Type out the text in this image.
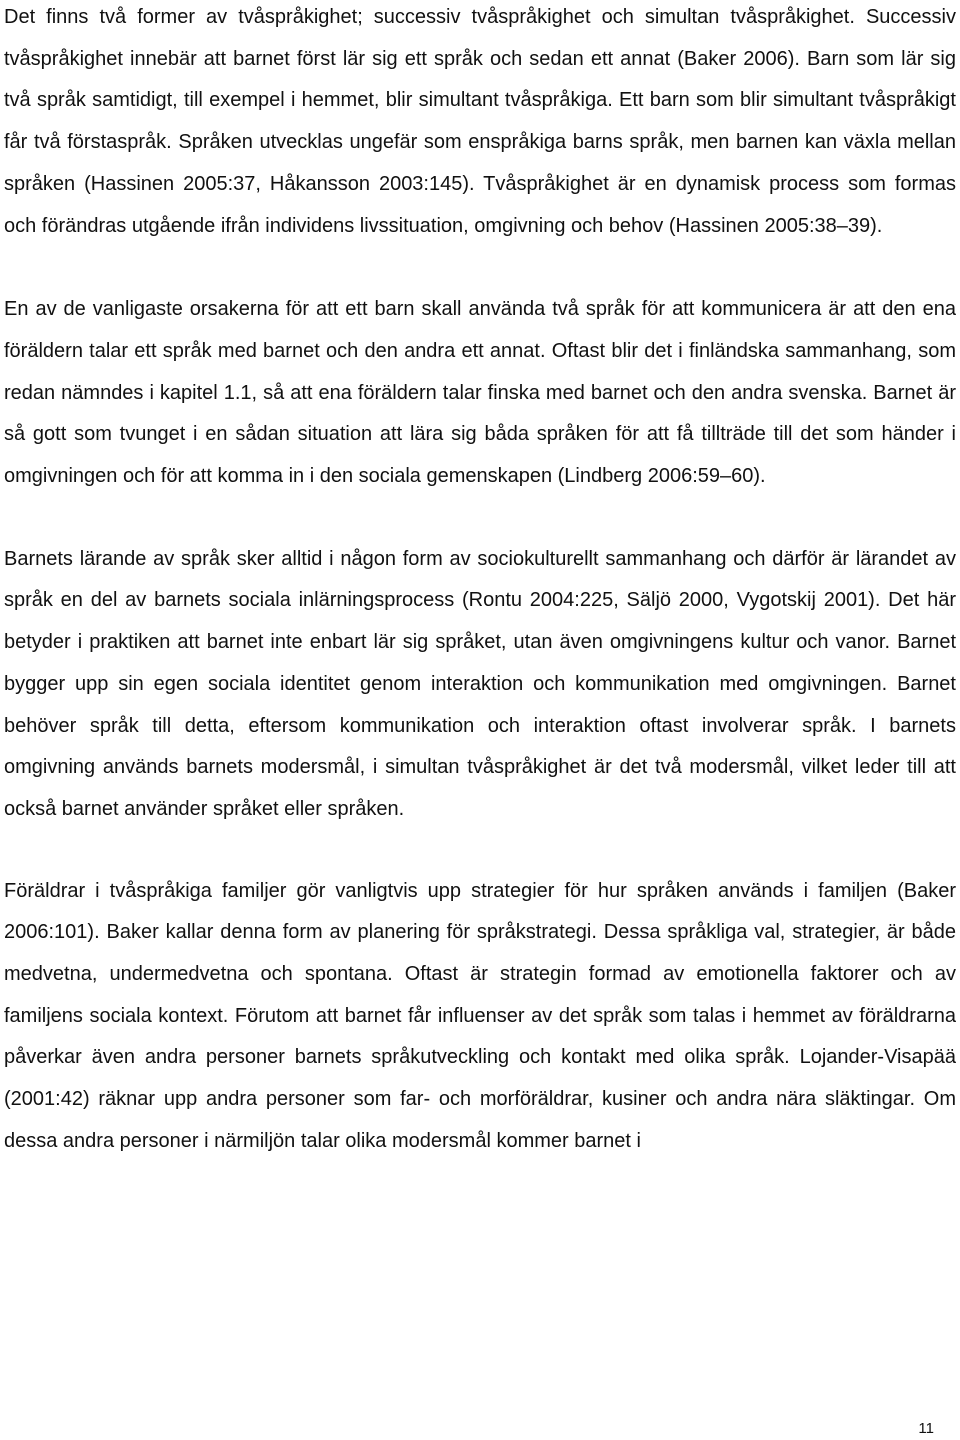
Det finns två former av tvåspråkighet; successiv tvåspråkighet och simultan tvåspråkighet. Successiv tvåspråkighet innebär att barnet först lär sig ett språk och sedan ett annat (Baker 2006). Barn som lär sig två språk samtidigt, till exempel i hemmet, blir simultant tvåspråkiga. Ett barn som blir simultant tvåspråkigt får två förstaspråk. Språken utvecklas ungefär som enspråkiga barns språk, men barnen kan växla mellan språken (Hassinen 2005:37, Håkansson 2003:145). Tvåspråkighet är en dynamisk process som formas och förändras utgående ifrån individens livssituation, omgivning och behov (Hassinen 2005:38–39).

En av de vanligaste orsakerna för att ett barn skall använda två språk för att kommunicera är att den ena föräldern talar ett språk med barnet och den andra ett annat. Oftast blir det i finländska sammanhang, som redan nämndes i kapitel 1.1, så att ena föräldern talar finska med barnet och den andra svenska. Barnet är så gott som tvunget i en sådan situation att lära sig båda språken för att få tillträde till det som händer i omgivningen och för att komma in i den sociala gemenskapen (Lindberg 2006:59–60).

Barnets lärande av språk sker alltid i någon form av sociokulturellt sammanhang och därför är lärandet av språk en del av barnets sociala inlärningsprocess (Rontu 2004:225, Säljö 2000, Vygotskij 2001). Det här betyder i praktiken att barnet inte enbart lär sig språket, utan även omgivningens kultur och vanor. Barnet bygger upp sin egen sociala identitet genom interaktion och kommunikation med omgivningen. Barnet behöver språk till detta, eftersom kommunikation och interaktion oftast involverar språk. I barnets omgivning används barnets modersmål, i simultan tvåspråkighet är det två modersmål, vilket leder till att också barnet använder språket eller språken.

Föräldrar i tvåspråkiga familjer gör vanligtvis upp strategier för hur språken används i familjen (Baker 2006:101). Baker kallar denna form av planering för språkstrategi. Dessa språkliga val, strategier, är både medvetna, undermedvetna och spontana. Oftast är strategin formad av emotionella faktorer och av familjens sociala kontext. Förutom att barnet får influenser av det språk som talas i hemmet av föräldrarna påverkar även andra personer barnets språkutveckling och kontakt med olika språk. Lojander-Visapää (2001:42) räknar upp andra personer som far- och morföräldrar, kusiner och andra nära släktingar. Om dessa andra personer i närmiljön talar olika modersmål kommer barnet i

11
